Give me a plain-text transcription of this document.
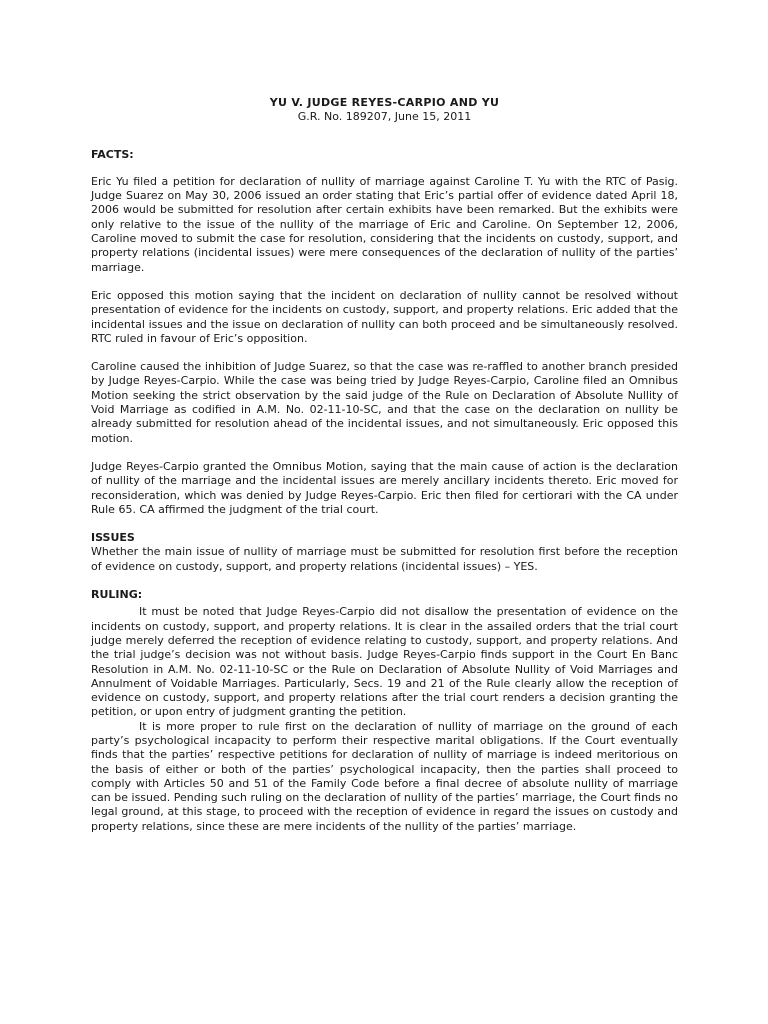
YU V. JUDGE REYES-CARPIO AND YU

G.R. No. 189207, June 15, 2011

FACTS:

Eric Yu filed a petition for declaration of nullity of marriage against Caroline T. Yu with the RTC of Pasig. Judge Suarez on May 30, 2006 issued an order stating that Eric’s partial offer of evidence dated April 18, 2006 would be submitted for resolution after certain exhibits have been remarked. But the exhibits were only relative to the issue of the nullity of the marriage of Eric and Caroline. On September 12, 2006, Caroline moved to submit the case for resolution, considering that the incidents on custody, support, and property relations (incidental issues) were mere consequences of the declaration of nullity of the parties’ marriage.

Eric opposed this motion saying that the incident on declaration of nullity cannot be resolved without presentation of evidence for the incidents on custody, support, and property relations. Eric added that the incidental issues and the issue on declaration of nullity can both proceed and be simultaneously resolved. RTC ruled in favour of Eric’s opposition.

Caroline caused the inhibition of Judge Suarez, so that the case was re-raffled to another branch presided by Judge Reyes-Carpio. While the case was being tried by Judge Reyes-Carpio, Caroline filed an Omnibus Motion seeking the strict observation by the said judge of the Rule on Declaration of Absolute Nullity of Void Marriage as codified in A.M. No. 02-11-10-SC, and that the case on the declaration on nullity be already submitted for resolution ahead of the incidental issues, and not simultaneously. Eric opposed this motion.

Judge Reyes-Carpio granted the Omnibus Motion, saying that the main cause of action is the declaration of nullity of the marriage and the incidental issues are merely ancillary incidents thereto. Eric moved for reconsideration, which was denied by Judge Reyes-Carpio. Eric then filed for certiorari with the CA under Rule 65. CA affirmed the judgment of the trial court.

ISSUES

Whether the main issue of nullity of marriage must be submitted for resolution first before the reception of evidence on custody, support, and property relations (incidental issues) – YES.

RULING:

It must be noted that Judge Reyes-Carpio did not disallow the presentation of evidence on the incidents on custody, support, and property relations. It is clear in the assailed orders that the trial court judge merely deferred the reception of evidence relating to custody, support, and property relations. And the trial judge’s decision was not without basis. Judge Reyes-Carpio finds support in the Court En Banc Resolution in A.M. No. 02-11-10-SC or the Rule on Declaration of Absolute Nullity of Void Marriages and Annulment of Voidable Marriages. Particularly, Secs. 19 and 21 of the Rule clearly allow the reception of evidence on custody, support, and property relations after the trial court renders a decision granting the petition, or upon entry of judgment granting the petition.

It is more proper to rule first on the declaration of nullity of marriage on the ground of each party’s psychological incapacity to perform their respective marital obligations. If the Court eventually finds that the parties’ respective petitions for declaration of nullity of marriage is indeed meritorious on the basis of either or both of the parties’ psychological incapacity, then the parties shall proceed to comply with Articles 50 and 51 of the Family Code before a final decree of absolute nullity of marriage can be issued. Pending such ruling on the declaration of nullity of the parties’ marriage, the Court finds no legal ground, at this stage, to proceed with the reception of evidence in regard the issues on custody and property relations, since these are mere incidents of the nullity of the parties’ marriage.
